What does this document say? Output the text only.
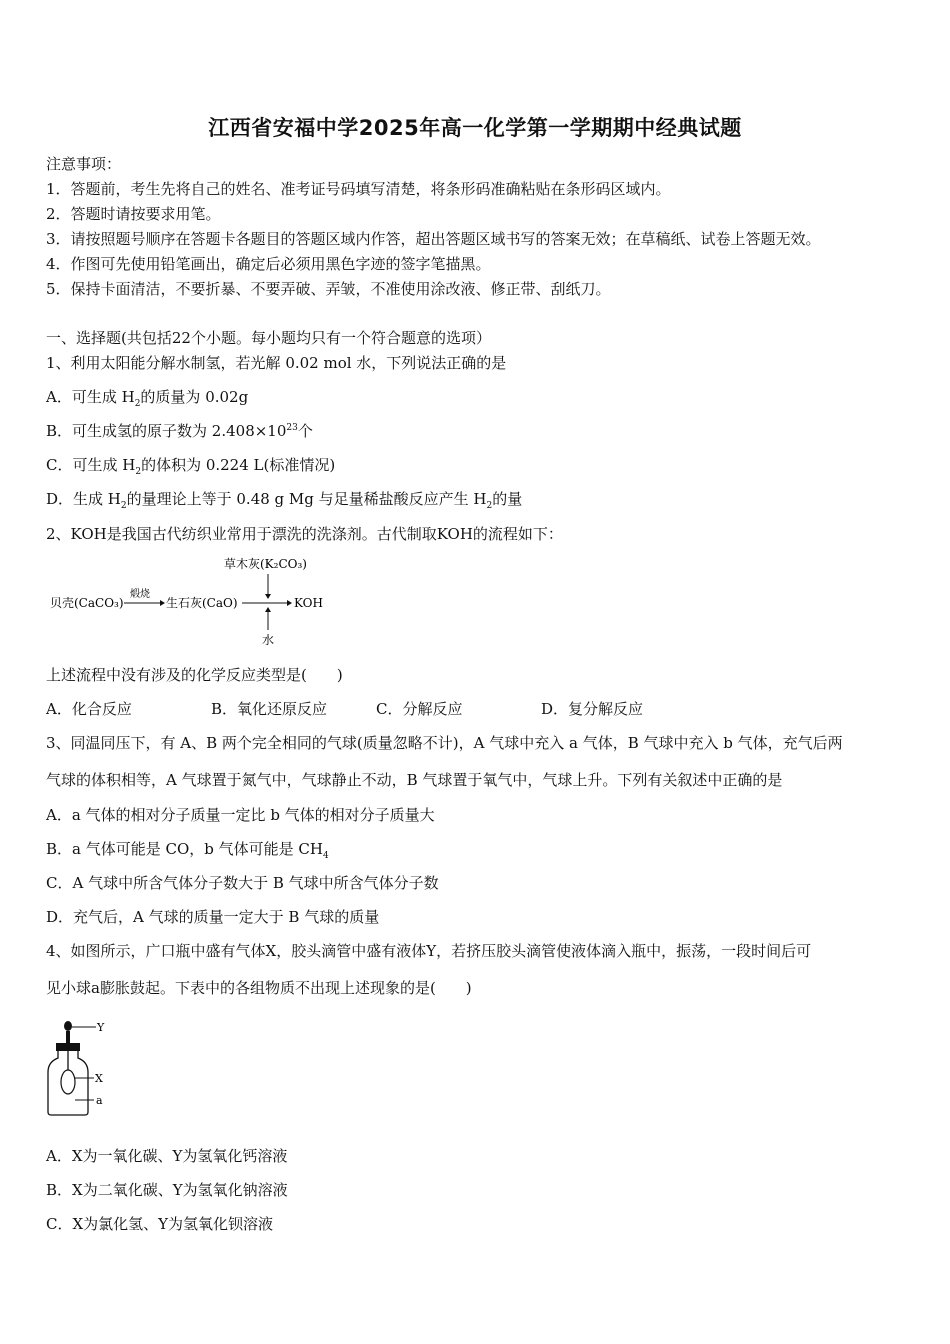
江西省安福中学2025年高一化学第一学期期中经典试题
注意事项：
1．答题前，考生先将自己的姓名、准考证号码填写清楚，将条形码准确粘贴在条形码区域内。
2．答题时请按要求用笔。
3．请按照题号顺序在答题卡各题目的答题区域内作答，超出答题区域书写的答案无效；在草稿纸、试卷上答题无效。
4．作图可先使用铅笔画出，确定后必须用黑色字迹的签字笔描黑。
5．保持卡面清洁，不要折暴、不要弄破、弄皱，不准使用涂改液、修正带、刮纸刀。
一、选择题(共包括22个小题。每小题均只有一个符合题意的选项）
1、利用太阳能分解水制氢，若光解 0.02 mol 水，下列说法正确的是
A．可生成 $H_2$的质量为 0.02g
B．可生成氢的原子数为 $2.408\times 10^{23}$个
C．可生成 $H_2$的体积为 0.224 L(标准情况)
D．生成 $H_2$的量理论上等于 0.48 g Mg 与足量稀盐酸反应产生 $H_2$的量
2、KOH是我国古代纺织业常用于漂洗的洗涤剂。古代制取KOH的流程如下：
草木灰(K₂CO₃)
贝壳(CaCO₃)
煅烧
生石灰(CaO)	KOH
水
上述流程中没有涉及的化学反应类型是(　　)
A．化合反应	B．氧化还原反应	C．分解反应	D．复分解反应
3、同温同压下，有 A、B 两个完全相同的气球(质量忽略不计)，A 气球中充入 a 气体，B 气球中充入 b 气体，充气后两
气球的体积相等，A 气球置于氮气中，气球静止不动，B 气球置于氧气中，气球上升。下列有关叙述中正确的是
A．a 气体的相对分子质量一定比 b 气体的相对分子质量大
B．a 气体可能是 CO，b 气体可能是 $CH_4$
C．A 气球中所含气体分子数大于 B 气球中所含气体分子数
D．充气后，A 气球的质量一定大于 B 气球的质量
4、如图所示，广口瓶中盛有气体X，胶头滴管中盛有液体Y，若挤压胶头滴管使液体滴入瓶中，振荡，一段时间后可
见小球a膨胀鼓起。下表中的各组物质不出现上述现象的是(　　)
Y
X
a
A．X为一氧化碳、Y为氢氧化钙溶液
B．X为二氧化碳、Y为氢氧化钠溶液
C．X为氯化氢、Y为氢氧化钡溶液
